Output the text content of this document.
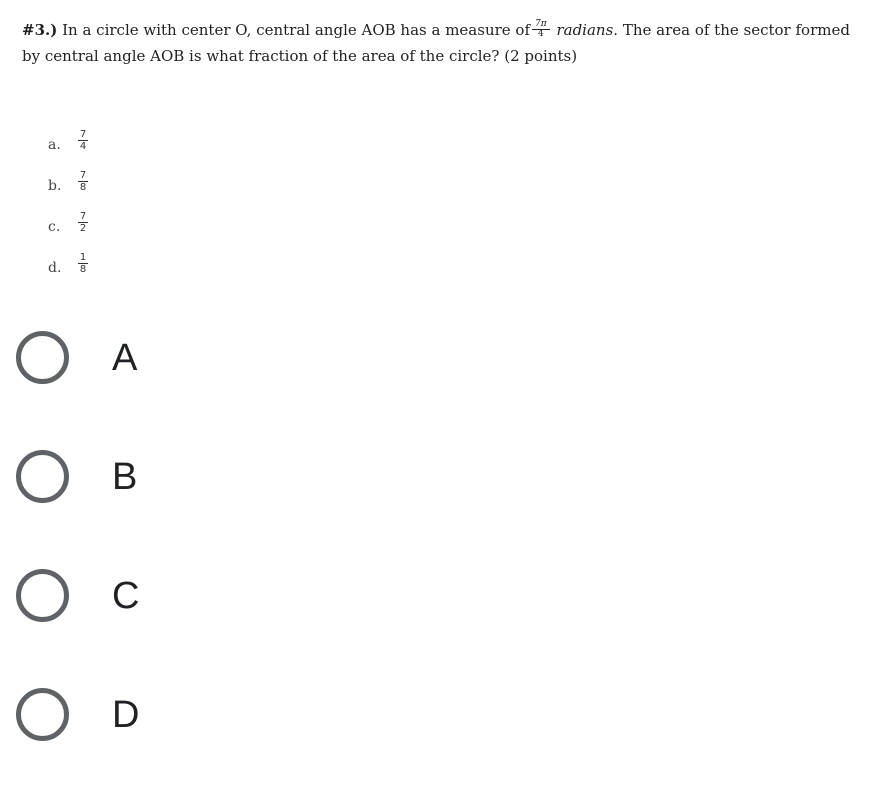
#3.) In a circle with center O, central angle AOB has a measure of $\frac{7\pi}{4}$ radians. The area of the sector formed by central angle AOB is what fraction of the area of the circle? (2 points)
a. $\frac{7}{4}$
b. $\frac{7}{8}$
c. $\frac{7}{2}$
d. $\frac{1}{8}$
A
B
C
D
